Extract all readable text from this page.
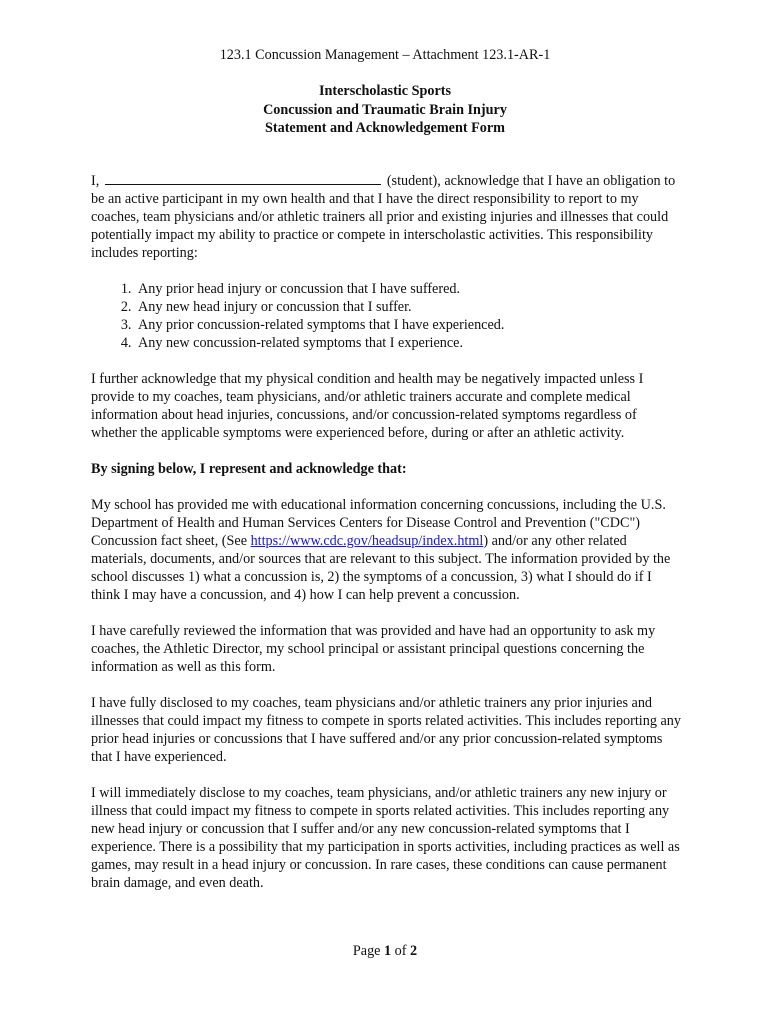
123.1 Concussion Management – Attachment 123.1-AR-1
Interscholastic Sports
Concussion and Traumatic Brain Injury
Statement and Acknowledgement Form

I,	(student), acknowledge that I have an obligation to be an active participant in my own health and that I have the direct responsibility to report to my coaches, team physicians and/or athletic trainers all prior and existing injuries and illnesses that could potentially impact my ability to practice or compete in interscholastic activities. This responsibility includes reporting:

1. Any prior head injury or concussion that I have suffered.
2. Any new head injury or concussion that I suffer.
3. Any prior concussion-related symptoms that I have experienced.
4. Any new concussion-related symptoms that I experience.

I further acknowledge that my physical condition and health may be negatively impacted unless I provide to my coaches, team physicians, and/or athletic trainers accurate and complete medical information about head injuries, concussions, and/or concussion-related symptoms regardless of whether the applicable symptoms were experienced before, during or after an athletic activity.

By signing below, I represent and acknowledge that:

My school has provided me with educational information concerning concussions, including the U.S. Department of Health and Human Services Centers for Disease Control and Prevention ("CDC") Concussion fact sheet, (See https://www.cdc.gov/headsup/index.html) and/or any other related materials, documents, and/or sources that are relevant to this subject. The information provided by the school discusses 1) what a concussion is, 2) the symptoms of a concussion, 3) what I should do if I think I may have a concussion, and 4) how I can help prevent a concussion.

I have carefully reviewed the information that was provided and have had an opportunity to ask my coaches, the Athletic Director, my school principal or assistant principal questions concerning the information as well as this form.

I have fully disclosed to my coaches, team physicians and/or athletic trainers any prior injuries and illnesses that could impact my fitness to compete in sports related activities. This includes reporting any prior head injuries or concussions that I have suffered and/or any prior concussion-related symptoms that I have experienced.

I will immediately disclose to my coaches, team physicians, and/or athletic trainers any new injury or illness that could impact my fitness to compete in sports related activities. This includes reporting any new head injury or concussion that I suffer and/or any new concussion-related symptoms that I experience. There is a possibility that my participation in sports activities, including practices as well as games, may result in a head injury or concussion. In rare cases, these conditions can cause permanent brain damage, and even death.

Page 1 of 2
